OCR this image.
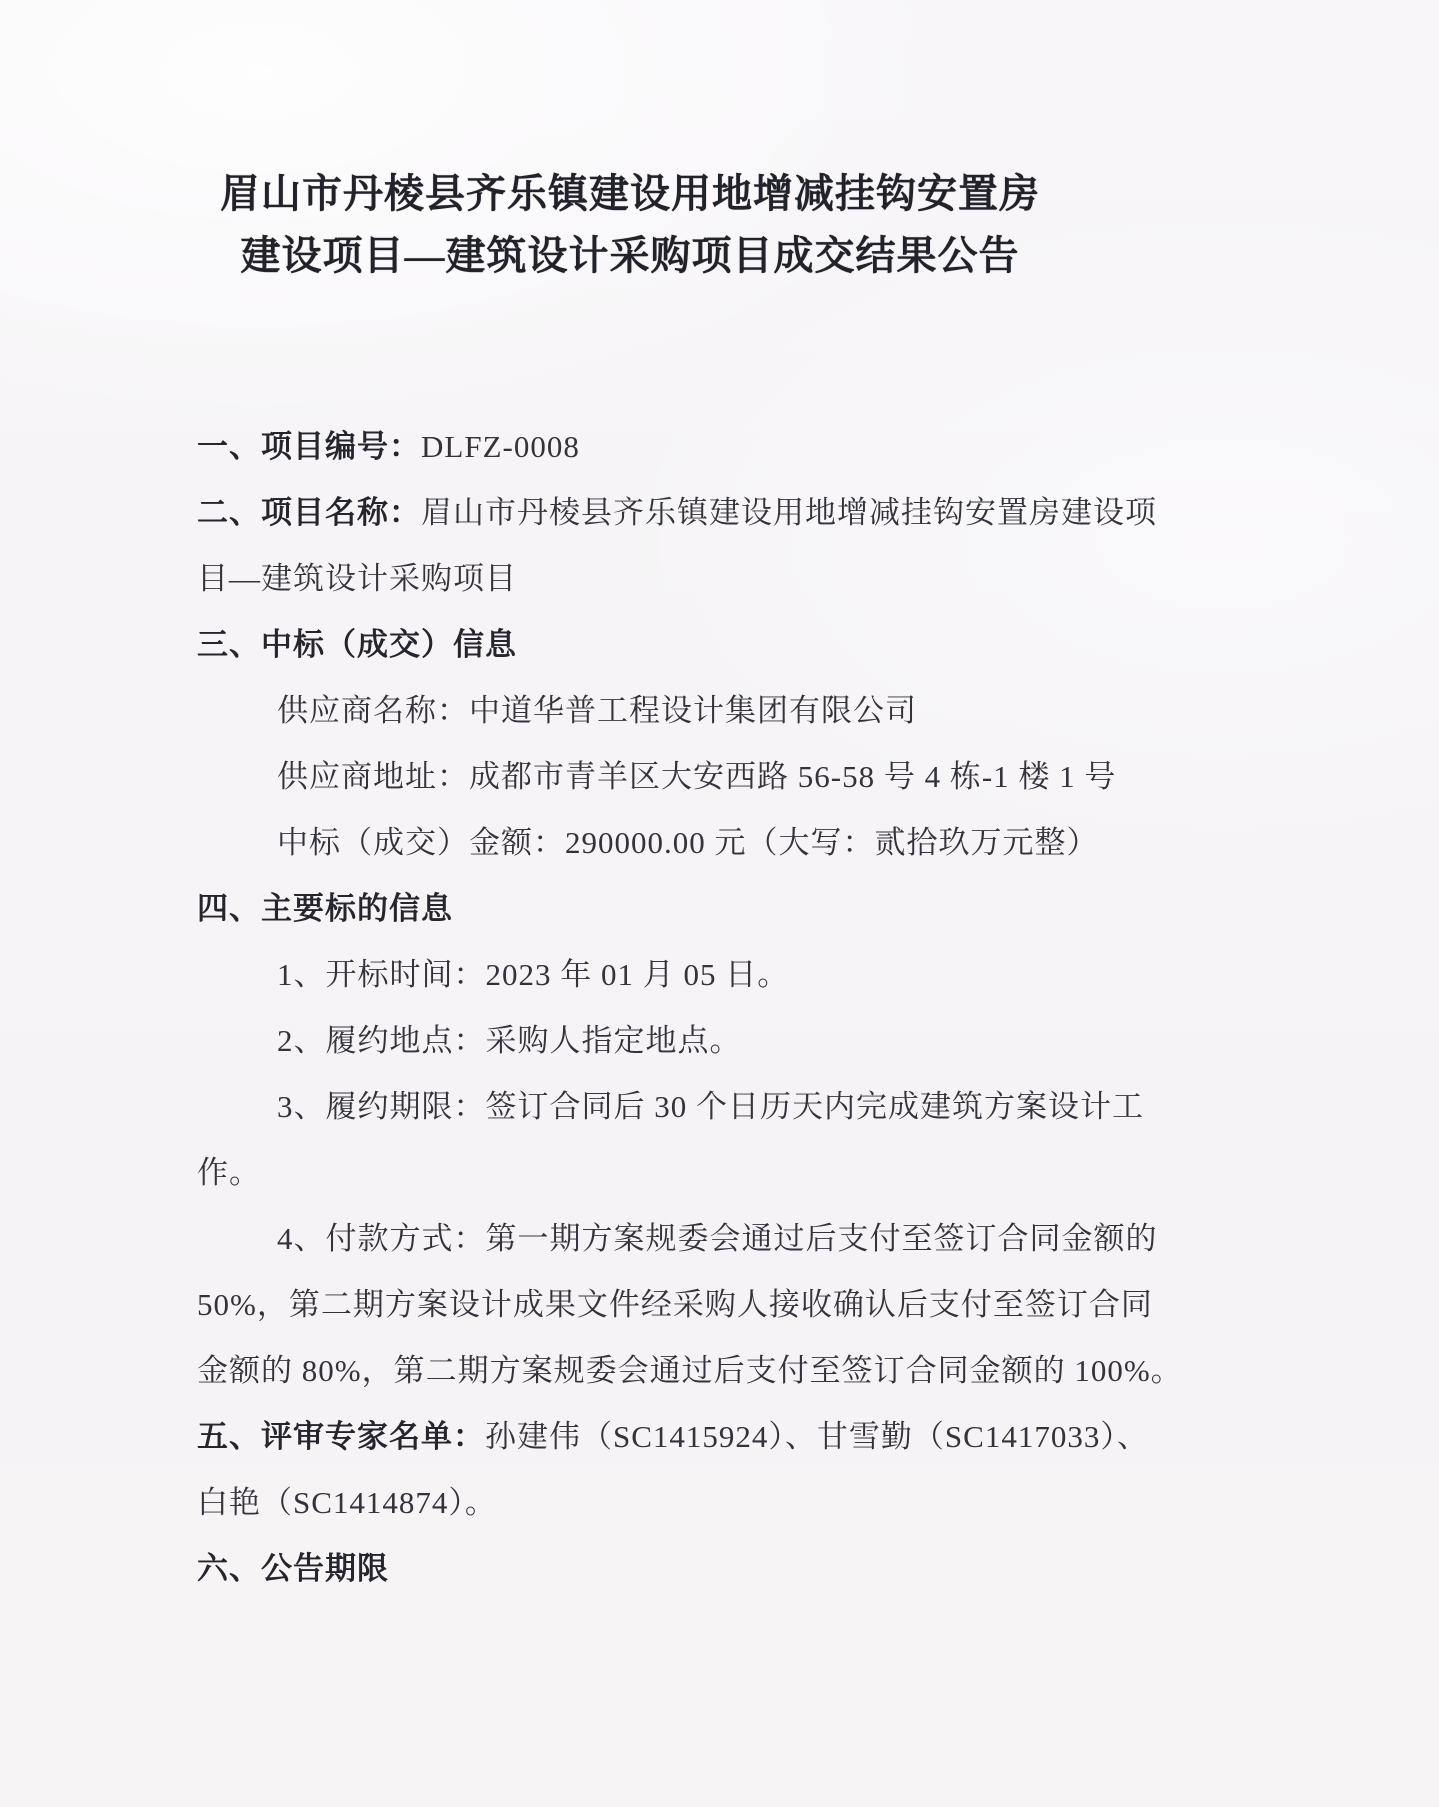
眉山市丹棱县齐乐镇建设用地增减挂钩安置房
建设项目—建筑设计采购项目成交结果公告
一、项目编号：DLFZ-0008
二、项目名称：眉山市丹棱县齐乐镇建设用地增减挂钩安置房建设项
目—建筑设计采购项目
三、中标（成交）信息
供应商名称：中道华普工程设计集团有限公司
供应商地址：成都市青羊区大安西路 56-58 号 4 栋-1 楼 1 号
中标（成交）金额：290000.00 元（大写：贰拾玖万元整）
四、主要标的信息
1、开标时间：2023 年 01 月 05 日。
2、履约地点：采购人指定地点。
3、履约期限：签订合同后 30 个日历天内完成建筑方案设计工
作。
4、付款方式：第一期方案规委会通过后支付至签订合同金额的
50%，第二期方案设计成果文件经采购人接收确认后支付至签订合同
金额的 80%，第二期方案规委会通过后支付至签订合同金额的 100%。
五、评审专家名单：孙建伟（SC1415924）、甘雪勤（SC1417033）、
白艳（SC1414874）。
六、公告期限
